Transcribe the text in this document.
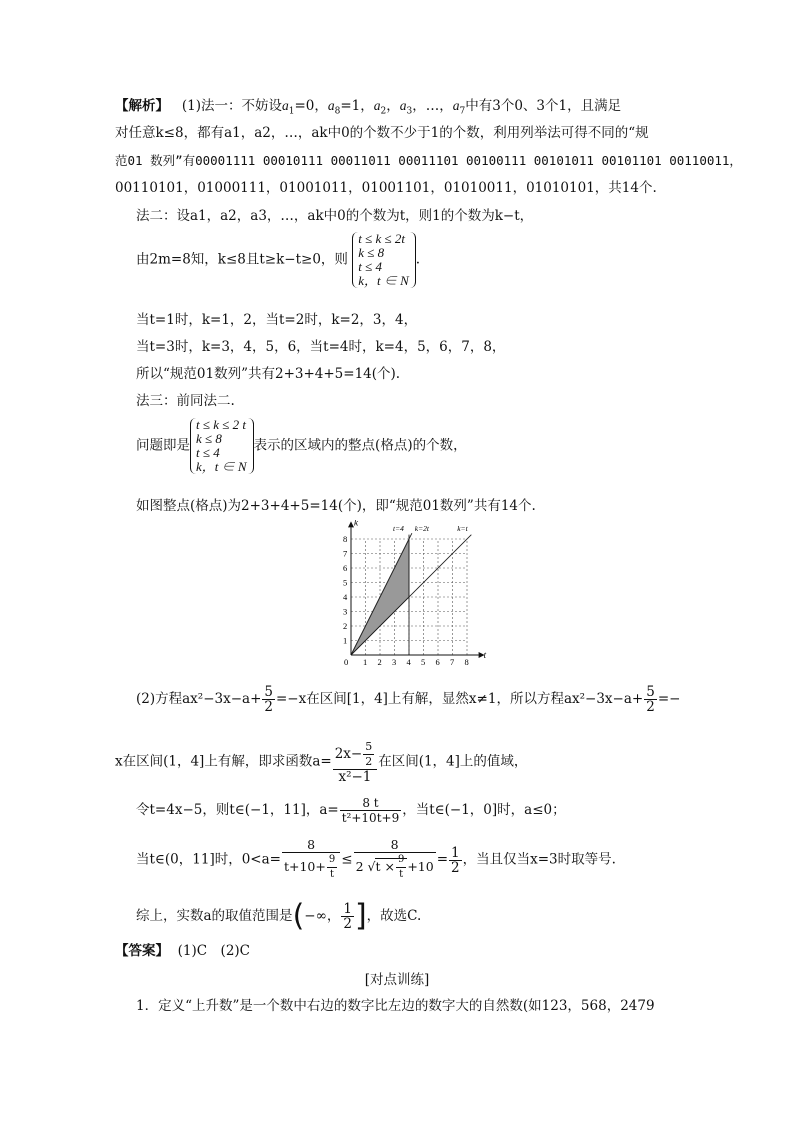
【解析】 (1)法一：不妨设$a_1=0$，$a_8=1$，$a_2$，$a_3$，…，$a_7$中有3个0、3个1，且满足
对任意k≤8，都有a1，a2，…，ak中0的个数不少于1的个数，利用列举法可得不同的“规
范01 数列”有00001111 00010111 00011011 00011101 00100111 00101011 00101101 00110011，
00110101，01000111，01001011，01001101，01010011，01010101，共14个.
法二：设a1，a2，a3，…，ak中0的个数为t，则1的个数为k−t，
由2m=8知，k≤8且t≥k−t≥0，则
t ≤ k ≤ 2t
k ≤ 8
t ≤ 4
k，t ∈ N
.
当t=1时，k=1，2，当t=2时，k=2，3，4，
当t=3时，k=3，4，5，6，当t=4时，k=4，5，6，7，8，
所以“规范01数列”共有2+3+4+5=14(个).
法三：前同法二.
问题即是
t ≤ k ≤ 2 t
k ≤ 8
t ≤ 4
k，t ∈ N
表示的区域内的整点(格点)的个数，
如图整点(格点)为2+3+4+5=14(个)，即“规范01数列”共有14个.
t
k
0 1 2 3 4 5 6 7 8
1
2
3
4
5
6
7
8
t=4 k=2t	k=t
(2)方程$ax^2-3x-a+ \frac{5}{2} =-x$在区间[1，4]上有解，显然x≠1，所以方程$ax^2-3x-a+ \frac{5}{2}$ =−
x在区间(1，4]上有解，即求函数$a= \frac{2x- \frac{5}{2}}{\text{x²−1}}$ 在区间(1，4]上的值域，
令t=4x−5，则t∈(−1，11]，$a= \frac{8 t}{\text{t²+10t+9}}$ ，当t∈(−1，0]时，a≤0；
当t∈(0，11]时，$0<a= \frac{8}{t+10+ \frac{9}{t}} \le \frac{8}{2 √t \times \frac{9}{t} +10} = \frac{1}{2}$ ，当且仅当x=3时取等号.
综上，实数a的取值范围是(−∞， $\frac{1}{2}$ ]，故选C.
【答案】 (1)C　(2)C
[对点训练]
1．定义“上升数”是一个数中右边的数字比左边的数字大的自然数(如123，568，2479
